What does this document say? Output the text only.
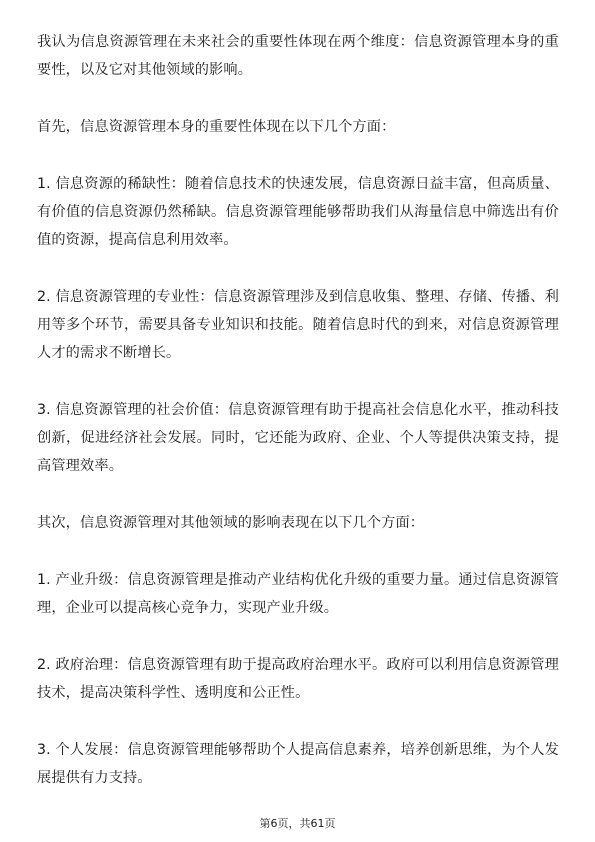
我认为信息资源管理在未来社会的重要性体现在两个维度：信息资源管理本身的重要性，以及它对其他领域的影响。

首先，信息资源管理本身的重要性体现在以下几个方面：

1. 信息资源的稀缺性：随着信息技术的快速发展，信息资源日益丰富，但高质量、有价值的信息资源仍然稀缺。信息资源管理能够帮助我们从海量信息中筛选出有价值的资源，提高信息利用效率。

2. 信息资源管理的专业性：信息资源管理涉及到信息收集、整理、存储、传播、利用等多个环节，需要具备专业知识和技能。随着信息时代的到来，对信息资源管理人才的需求不断增长。

3. 信息资源管理的社会价值：信息资源管理有助于提高社会信息化水平，推动科技创新，促进经济社会发展。同时，它还能为政府、企业、个人等提供决策支持，提高管理效率。

其次，信息资源管理对其他领域的影响表现在以下几个方面：

1. 产业升级：信息资源管理是推动产业结构优化升级的重要力量。通过信息资源管理，企业可以提高核心竞争力，实现产业升级。

2. 政府治理：信息资源管理有助于提高政府治理水平。政府可以利用信息资源管理技术，提高决策科学性、透明度和公正性。

3. 个人发展：信息资源管理能够帮助个人提高信息素养，培养创新思维，为个人发展提供有力支持。

第6页，共61页
